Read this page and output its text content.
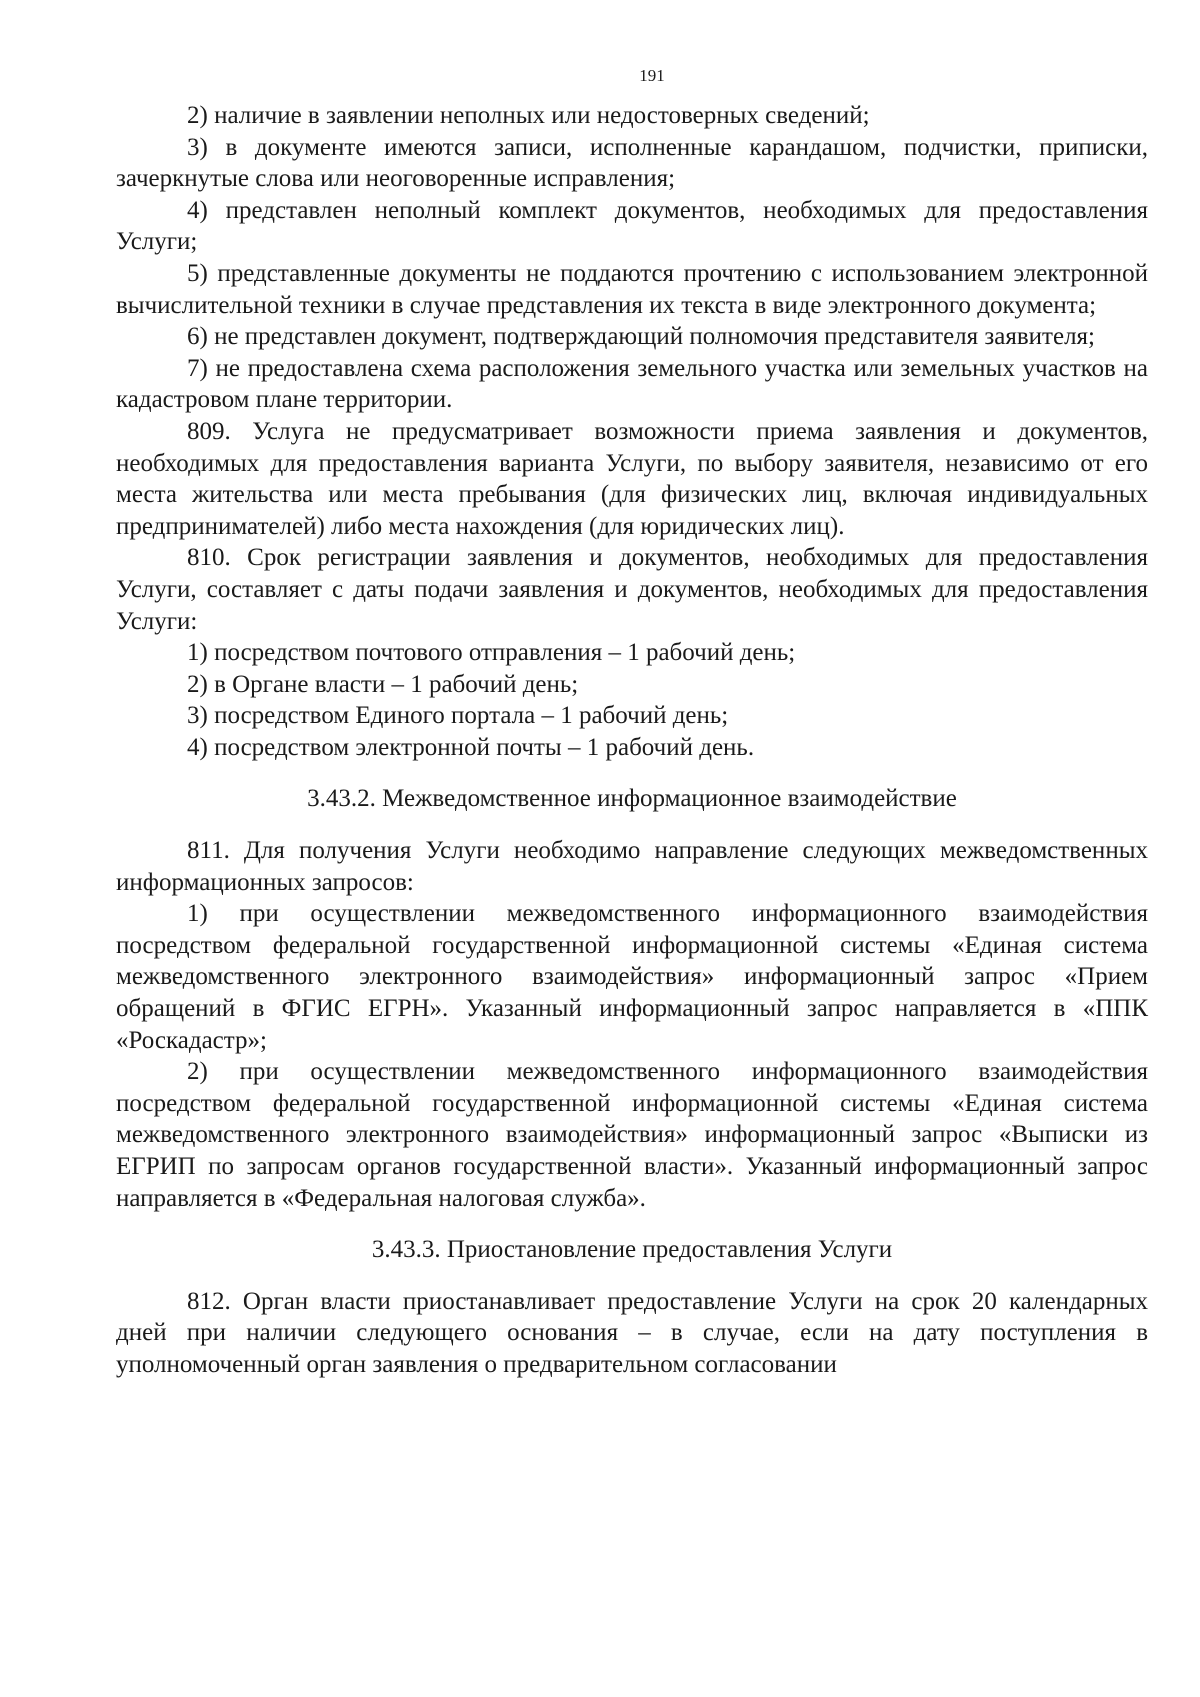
191

2) наличие в заявлении неполных или недостоверных сведений;

3) в документе имеются записи, исполненные карандашом, подчистки, приписки, зачеркнутые слова или неоговоренные исправления;

4) представлен неполный комплект документов, необходимых для предоставления Услуги;

5) представленные документы не поддаются прочтению с использованием электронной вычислительной техники в случае представления их текста в виде электронного документа;

6) не представлен документ, подтверждающий полномочия представителя заявителя;

7) не предоставлена схема расположения земельного участка или земельных участков на кадастровом плане территории.

809. Услуга не предусматривает возможности приема заявления и документов, необходимых для предоставления варианта Услуги, по выбору заявителя, независимо от его места жительства или места пребывания (для физических лиц, включая индивидуальных предпринимателей) либо места нахождения (для юридических лиц).

810. Срок регистрации заявления и документов, необходимых для предоставления Услуги, составляет с даты подачи заявления и документов, необходимых для предоставления Услуги:

1) посредством почтового отправления – 1 рабочий день;

2) в Органе власти – 1 рабочий день;

3) посредством Единого портала – 1 рабочий день;

4) посредством электронной почты – 1 рабочий день.

3.43.2. Межведомственное информационное взаимодействие

811. Для получения Услуги необходимо направление следующих межведомственных информационных запросов:

1) при осуществлении межведомственного информационного взаимодействия посредством федеральной государственной информационной системы «Единая система межведомственного электронного взаимодействия» информационный запрос «Прием обращений в ФГИС ЕГРН». Указанный информационный запрос направляется в «ППК «Роскадастр»;

2) при осуществлении межведомственного информационного взаимодействия посредством федеральной государственной информационной системы «Единая система межведомственного электронного взаимодействия» информационный запрос «Выписки из ЕГРИП по запросам органов государственной власти». Указанный информационный запрос направляется в «Федеральная налоговая служба».

3.43.3. Приостановление предоставления Услуги

812. Орган власти приостанавливает предоставление Услуги на срок 20 календарных дней при наличии следующего основания – в случае, если на дату поступления в уполномоченный орган заявления о предварительном согласовании
